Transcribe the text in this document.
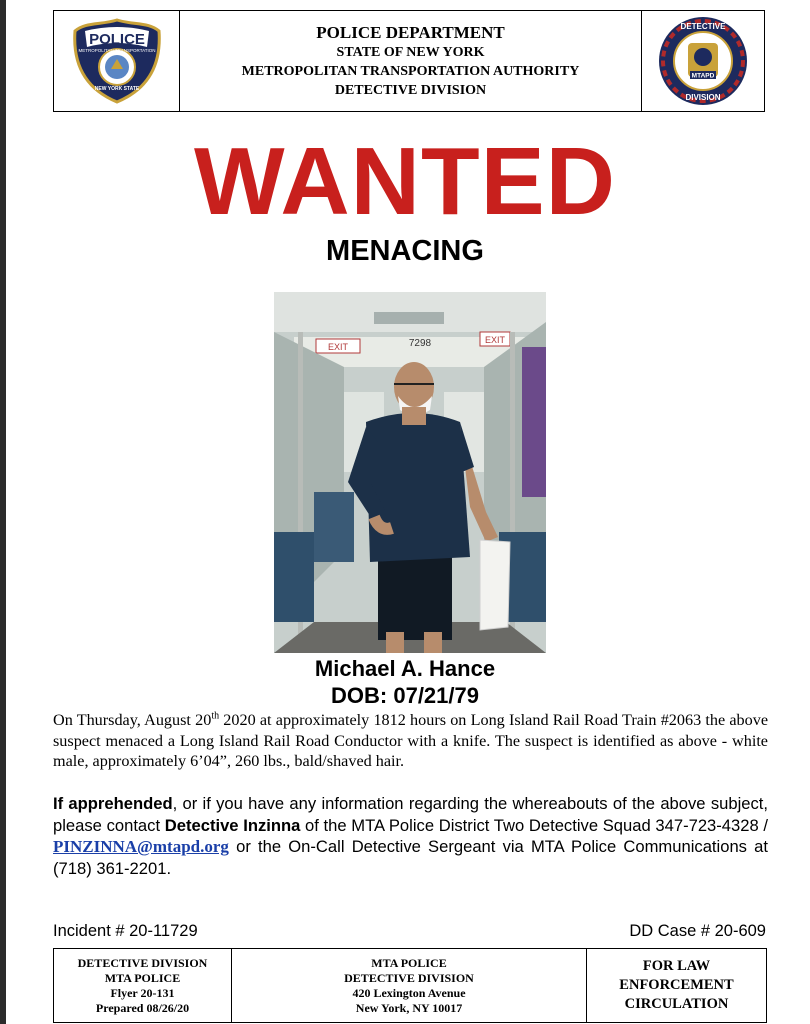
POLICE
METROPOLITAN TRANSPORTATION
NEW YORK STATE
POLICE DEPARTMENT
STATE OF NEW YORK
METROPOLITAN TRANSPORTATION AUTHORITY
DETECTIVE DIVISION
MTAPD
DETECTIVE
DIVISION
WANTED
MENACING
EXIT	7298	EXIT
Michael A. Hance
DOB: 07/21/79
On Thursday, August 20th 2020 at approximately 1812 hours on Long Island Rail Road Train #2063 the above suspect menaced a Long Island Rail Road Conductor with a knife. The suspect is identified as above - white male, approximately 6’04”, 260 lbs., bald/shaved hair.
If apprehended, or if you have any information regarding the whereabouts of the above subject, please contact Detective Inzinna of the MTA Police District Two Detective Squad 347-723-4328 / PINZINNA@mtapd.org or the On-Call Detective Sergeant via MTA Police Communications at (718) 361-2201.
Incident # 20-11729	DD Case # 20-609
DETECTIVE DIVISION
MTA POLICE
Flyer 20-131
Prepared 08/26/20
MTA POLICE
DETECTIVE DIVISION
420 Lexington Avenue
New York, NY 10017
FOR LAW
ENFORCEMENT
CIRCULATION
